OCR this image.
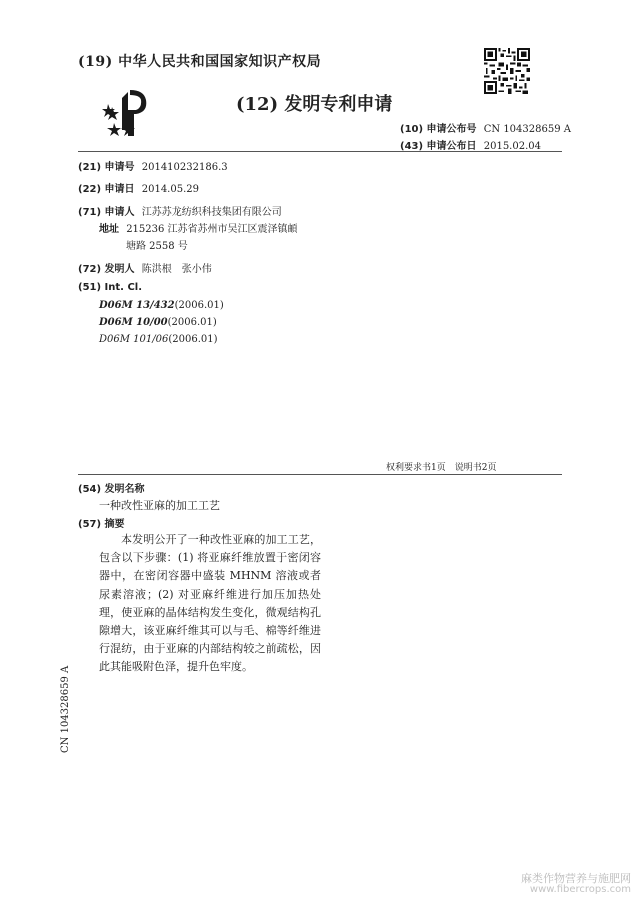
(19) 中华人民共和国国家知识产权局
(12) 发明专利申请
(10) 申请公布号 CN 104328659 A
(43) 申请公布日 2015.02.04
(21) 申请号 201410232186.3
(22) 申请日 2014.05.29
(71) 申请人 江苏苏龙纺织科技集团有限公司
地址 215236 江苏省苏州市吴江区震泽镇頔
塘路 2558 号
(72) 发明人 陈洪根　张小伟
(51) Int. Cl.
D06M 13/432(2006.01)
D06M 10/00(2006.01)
D06M 101/06(2006.01)
权利要求书1页　说明书2页
(54) 发明名称
一种改性亚麻的加工工艺
(57) 摘要

本发明公开了一种改性亚麻的加工工艺，包含以下步骤：(1) 将亚麻纤维放置于密闭容器中，在密闭容器中盛装 MHNM 溶液或者尿素溶液；(2) 对亚麻纤维进行加压加热处理，使亚麻的晶体结构发生变化，微观结构孔隙增大，该亚麻纤维其可以与毛、棉等纤维进行混纺，由于亚麻的内部结构较之前疏松，因此其能吸附色泽，提升色牢度。

CN 104328659 A
麻类作物营养与施肥网
www.fibercrops.com
